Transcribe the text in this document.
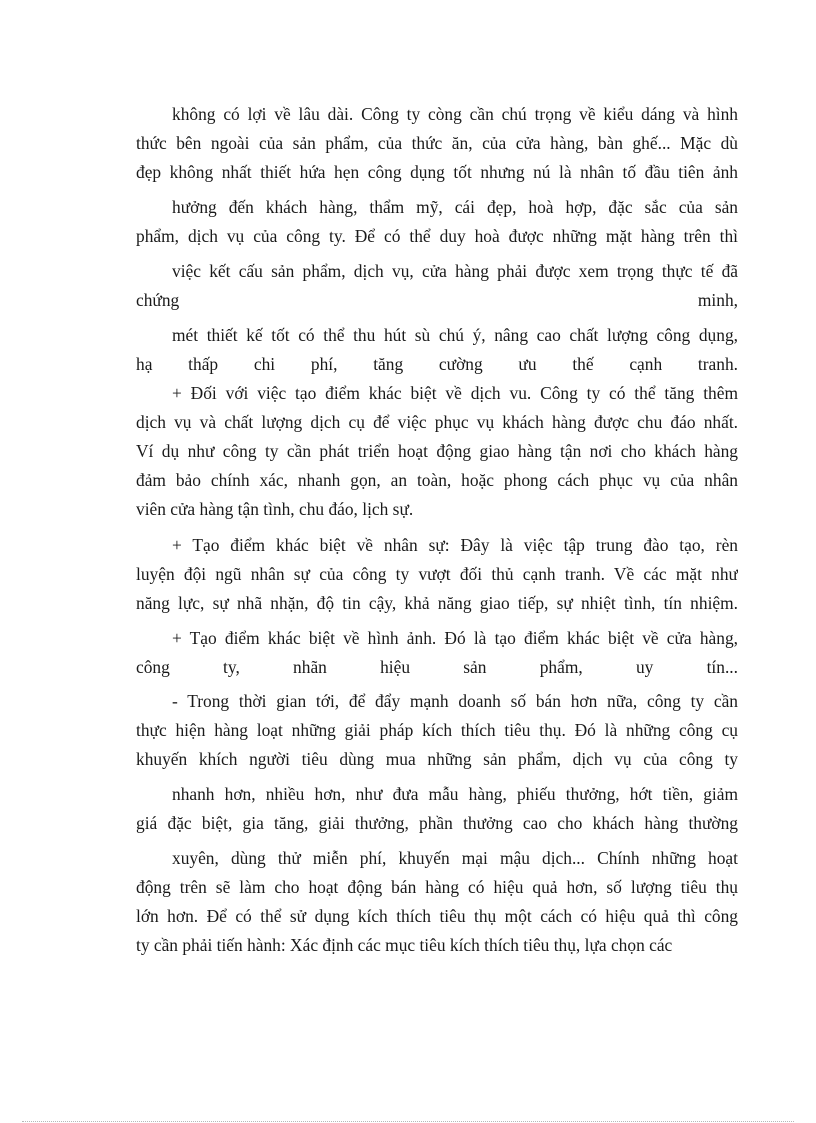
không có lợi về lâu dài. Công ty còng cần chú trọng về kiểu dáng và hình
thức bên ngoài của sản phẩm, của thức ăn, của cửa hàng, bàn ghế... Mặc dù
đẹp không nhất thiết hứa hẹn công dụng tốt nhưng nú là nhân tố đầu tiên ảnh
hưởng đến khách hàng, thẩm mỹ, cái đẹp, hoà hợp, đặc sắc của sản
phẩm, dịch vụ của công ty. Để có thể duy hoà được những mặt hàng trên thì
việc kết cấu sản phẩm, dịch vụ, cửa hàng phải được xem trọng thực tế đã
chứng minh,
mét thiết kế tốt có thể thu hút sù chú ý, nâng cao chất lượng công dụng,
hạ thấp chi phí, tăng cường ưu thế cạnh tranh.
+ Đối với việc tạo điểm khác biệt về dịch vu. Công ty có thể tăng thêm
dịch vụ và chất lượng dịch cụ để việc phục vụ khách hàng được chu đáo nhất.
Ví dụ như công ty cần phát triển hoạt động giao hàng tận nơi cho khách hàng
đảm bảo chính xác, nhanh gọn, an toàn, hoặc phong cách phục vụ của nhân
viên cửa hàng tận tình, chu đáo, lịch sự.
+ Tạo điểm khác biệt về nhân sự: Đây là việc tập trung đào tạo, rèn
luyện đội ngũ nhân sự của công ty vượt đối thủ cạnh tranh. Về các mặt như
năng lực, sự nhã nhặn, độ tin cậy, khả năng giao tiếp, sự nhiệt tình, tín nhiệm.
+ Tạo điểm khác biệt về hình ảnh. Đó là tạo điểm khác biệt về cửa hàng,
công ty, nhãn hiệu sản phẩm, uy tín...
- Trong thời gian tới, để đẩy mạnh doanh số bán hơn nữa, công ty cần
thực hiện hàng loạt những giải pháp kích thích tiêu thụ. Đó là những công cụ
khuyến khích người tiêu dùng mua những sản phẩm, dịch vụ của công ty
nhanh hơn, nhiều hơn, như đưa mẫu hàng, phiếu thưởng, hớt tiền, giảm
giá đặc biệt, gia tăng, giải thưởng, phần thưởng cao cho khách hàng thường
xuyên, dùng thử miễn phí, khuyến mại mậu dịch... Chính những hoạt
động trên sẽ làm cho hoạt động bán hàng có hiệu quả hơn, số lượng tiêu thụ
lớn hơn. Để có thể sử dụng kích thích tiêu thụ một cách có hiệu quả thì công
ty cần phải tiến hành: Xác định các mục tiêu kích thích tiêu thụ, lựa chọn các
